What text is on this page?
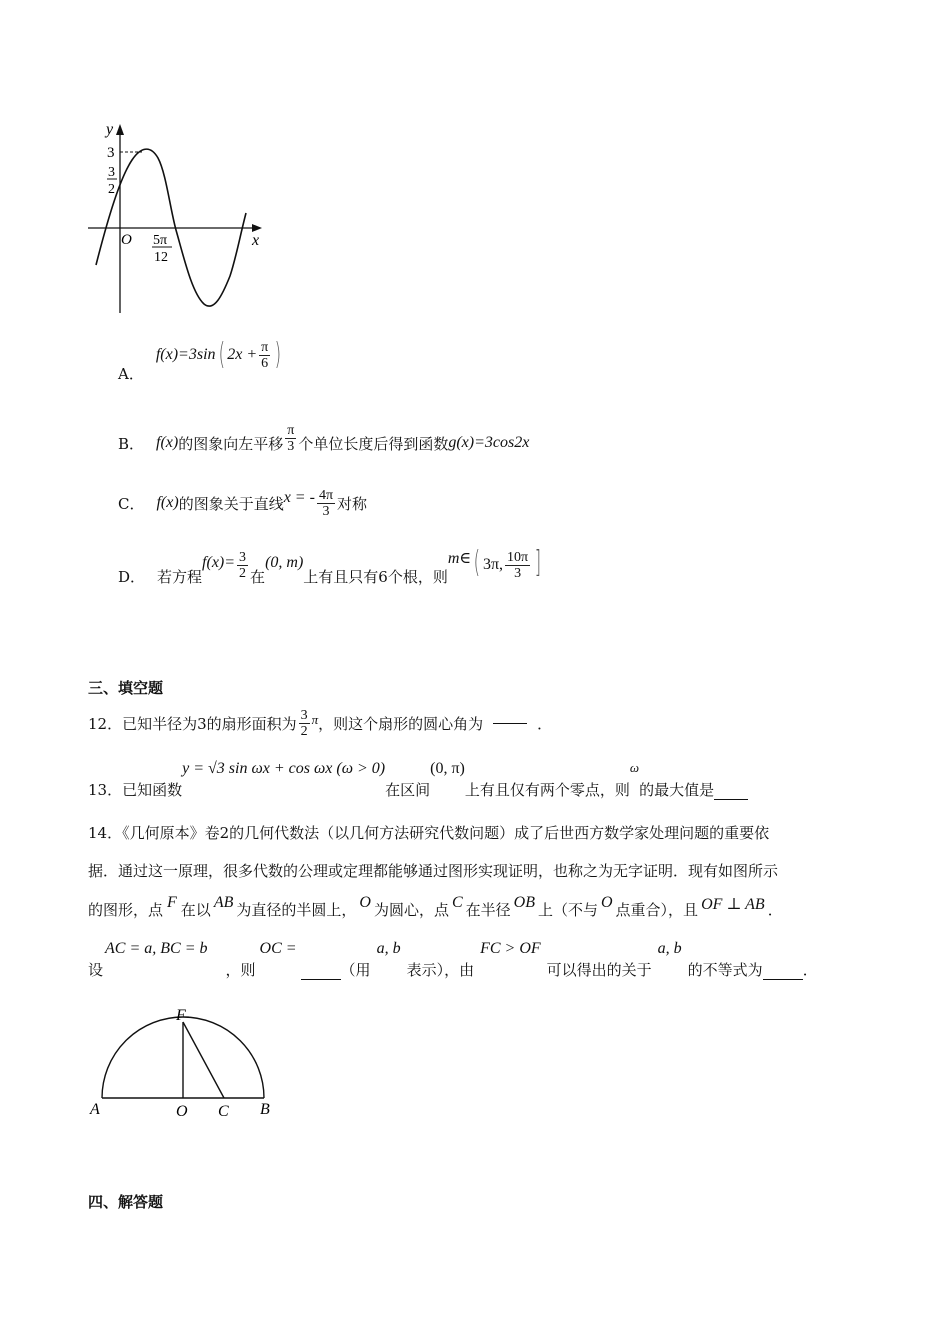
y
x
O
3
3
2
5π
12
A．
f(x)=3sin ( $2x + \frac{\pi}{6}$ )
B． f(x) 的图象向左平移 $\frac{\pi}{3}$ 个单位长度后得到函数 g(x)=3cos2x
C． f(x) 的图象关于直线 x = - $\frac{4\pi}{3}$ 对称
D． 若方程
$f(x)= \frac{3}{2}$ 在
(0, m)
上有且只有6个根，则
m∈ ( 3π, $\frac{10\pi}{3}$ ]
三、填空题
12．已知半径为3的扇形面积为 $\frac{3}{2}$ π ，则这个扇形的圆心角为	．
13．已知函数
y = √3 sin ωx + cos ωx (ω > 0)
在区间
(0, π)
上有且仅有两个零点，则
ω
的最大值是
14．《几何原本》卷2的几何代数法（以几何方法研究代数问题）成了后世西方数学家处理问题的重要依
据．通过这一原理，很多代数的公理或定理都能够通过图形实现证明，也称之为无字证明．现有如图所示
的图形，点 F 在以 AB 为直径的半圆上， O 为圆心，点 C 在半径 OB 上（不与 O 点重合），且 OF ⊥ AB ．
设
AC = a, BC = b
，则
OC =
（用
a, b
表示），由
FC > OF
可以得出的关于
a, b
的不等式为	．
F
A	O C B
四、解答题
